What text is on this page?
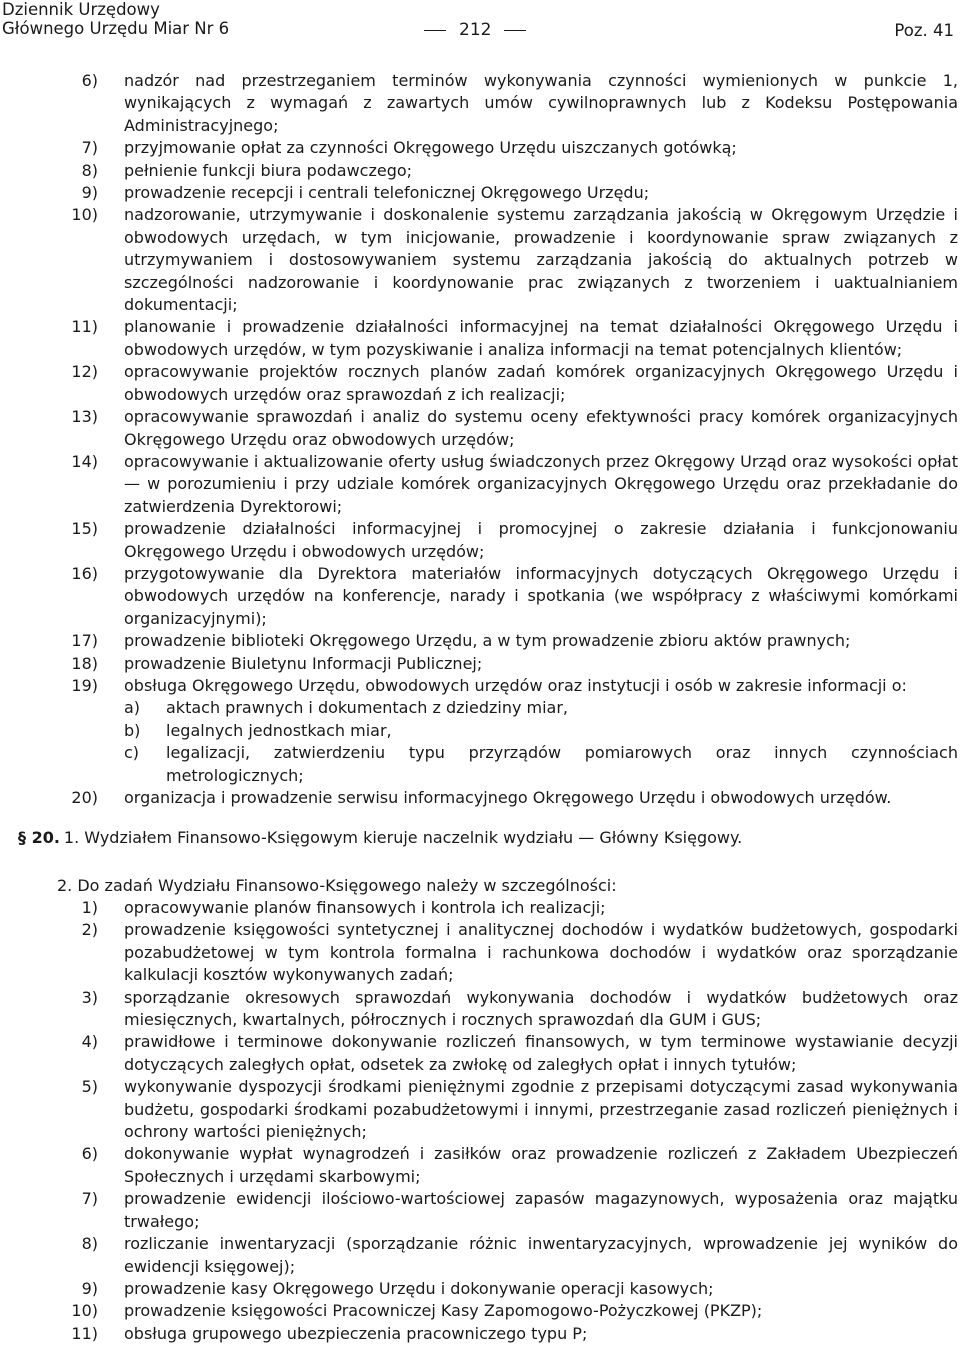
Dziennik Urzędowy
Głównego Urzędu Miar Nr 6	212	Poz. 41
6) nadzór nad przestrzeganiem terminów wykonywania czynności wymienionych w punkcie 1, wynikających z wymagań z zawartych umów cywilnoprawnych lub z Kodeksu Postępowania Administracyjnego;
7) przyjmowanie opłat za czynności Okręgowego Urzędu uiszczanych gotówką;
8) pełnienie funkcji biura podawczego;
9) prowadzenie recepcji i centrali telefonicznej Okręgowego Urzędu;
10) nadzorowanie, utrzymywanie i doskonalenie systemu zarządzania jakością w Okręgowym Urzędzie i obwodowych urzędach, w tym inicjowanie, prowadzenie i koordynowanie spraw związanych z utrzymywaniem i dostosowywaniem systemu zarządzania jakością do aktualnych potrzeb w szczególności nadzorowanie i koordynowanie prac związanych z tworzeniem i uaktualnianiem dokumentacji;
11) planowanie i prowadzenie działalności informacyjnej na temat działalności Okręgowego Urzędu i obwodowych urzędów, w tym pozyskiwanie i analiza informacji na temat potencjalnych klientów;
12) opracowywanie projektów rocznych planów zadań komórek organizacyjnych Okręgowego Urzędu i obwodowych urzędów oraz sprawozdań z ich realizacji;
13) opracowywanie sprawozdań i analiz do systemu oceny efektywności pracy komórek organizacyjnych Okręgowego Urzędu oraz obwodowych urzędów;
14) opracowywanie i aktualizowanie oferty usług świadczonych przez Okręgowy Urząd oraz wysokości opłat — w porozumieniu i przy udziale komórek organizacyjnych Okręgowego Urzędu oraz przekładanie do zatwierdzenia Dyrektorowi;
15) prowadzenie działalności informacyjnej i promocyjnej o zakresie działania i funkcjonowaniu Okręgowego Urzędu i obwodowych urzędów;
16) przygotowywanie dla Dyrektora materiałów informacyjnych dotyczących Okręgowego Urzędu i obwodowych urzędów na konferencje, narady i spotkania (we współpracy z właściwymi komórkami organizacyjnymi);
17) prowadzenie biblioteki Okręgowego Urzędu, a w tym prowadzenie zbioru aktów prawnych;
18) prowadzenie Biuletynu Informacji Publicznej;
19) obsługa Okręgowego Urzędu, obwodowych urzędów oraz instytucji i osób w zakresie informacji o:
a) aktach prawnych i dokumentach z dziedziny miar,
b) legalnych jednostkach miar,
c) legalizacji, zatwierdzeniu typu przyrządów pomiarowych oraz innych czynnościach metrologicznych;
20) organizacja i prowadzenie serwisu informacyjnego Okręgowego Urzędu i obwodowych urzędów.
§ 20. 1. Wydziałem Finansowo-Księgowym kieruje naczelnik wydziału — Główny Księgowy.
2. Do zadań Wydziału Finansowo-Księgowego należy w szczególności:
1) opracowywanie planów finansowych i kontrola ich realizacji;
2) prowadzenie księgowości syntetycznej i analitycznej dochodów i wydatków budżetowych, gospodarki pozabudżetowej w tym kontrola formalna i rachunkowa dochodów i wydatków oraz sporządzanie kalkulacji kosztów wykonywanych zadań;
3) sporządzanie okresowych sprawozdań wykonywania dochodów i wydatków budżetowych oraz miesięcznych, kwartalnych, półrocznych i rocznych sprawozdań dla GUM i GUS;
4) prawidłowe i terminowe dokonywanie rozliczeń finansowych, w tym terminowe wystawianie decyzji dotyczących zaległych opłat, odsetek za zwłokę od zaległych opłat i innych tytułów;
5) wykonywanie dyspozycji środkami pieniężnymi zgodnie z przepisami dotyczącymi zasad wykonywania budżetu, gospodarki środkami pozabudżetowymi i innymi, przestrzeganie zasad rozliczeń pieniężnych i ochrony wartości pieniężnych;
6) dokonywanie wypłat wynagrodzeń i zasiłków oraz prowadzenie rozliczeń z Zakładem Ubezpieczeń Społecznych i urzędami skarbowymi;
7) prowadzenie ewidencji ilościowo-wartościowej zapasów magazynowych, wyposażenia oraz majątku trwałego;
8) rozliczanie inwentaryzacji (sporządzanie różnic inwentaryzacyjnych, wprowadzenie jej wyników do ewidencji księgowej);
9) prowadzenie kasy Okręgowego Urzędu i dokonywanie operacji kasowych;
10) prowadzenie księgowości Pracowniczej Kasy Zapomogowo-Pożyczkowej (PKZP);
11) obsługa grupowego ubezpieczenia pracowniczego typu P;
